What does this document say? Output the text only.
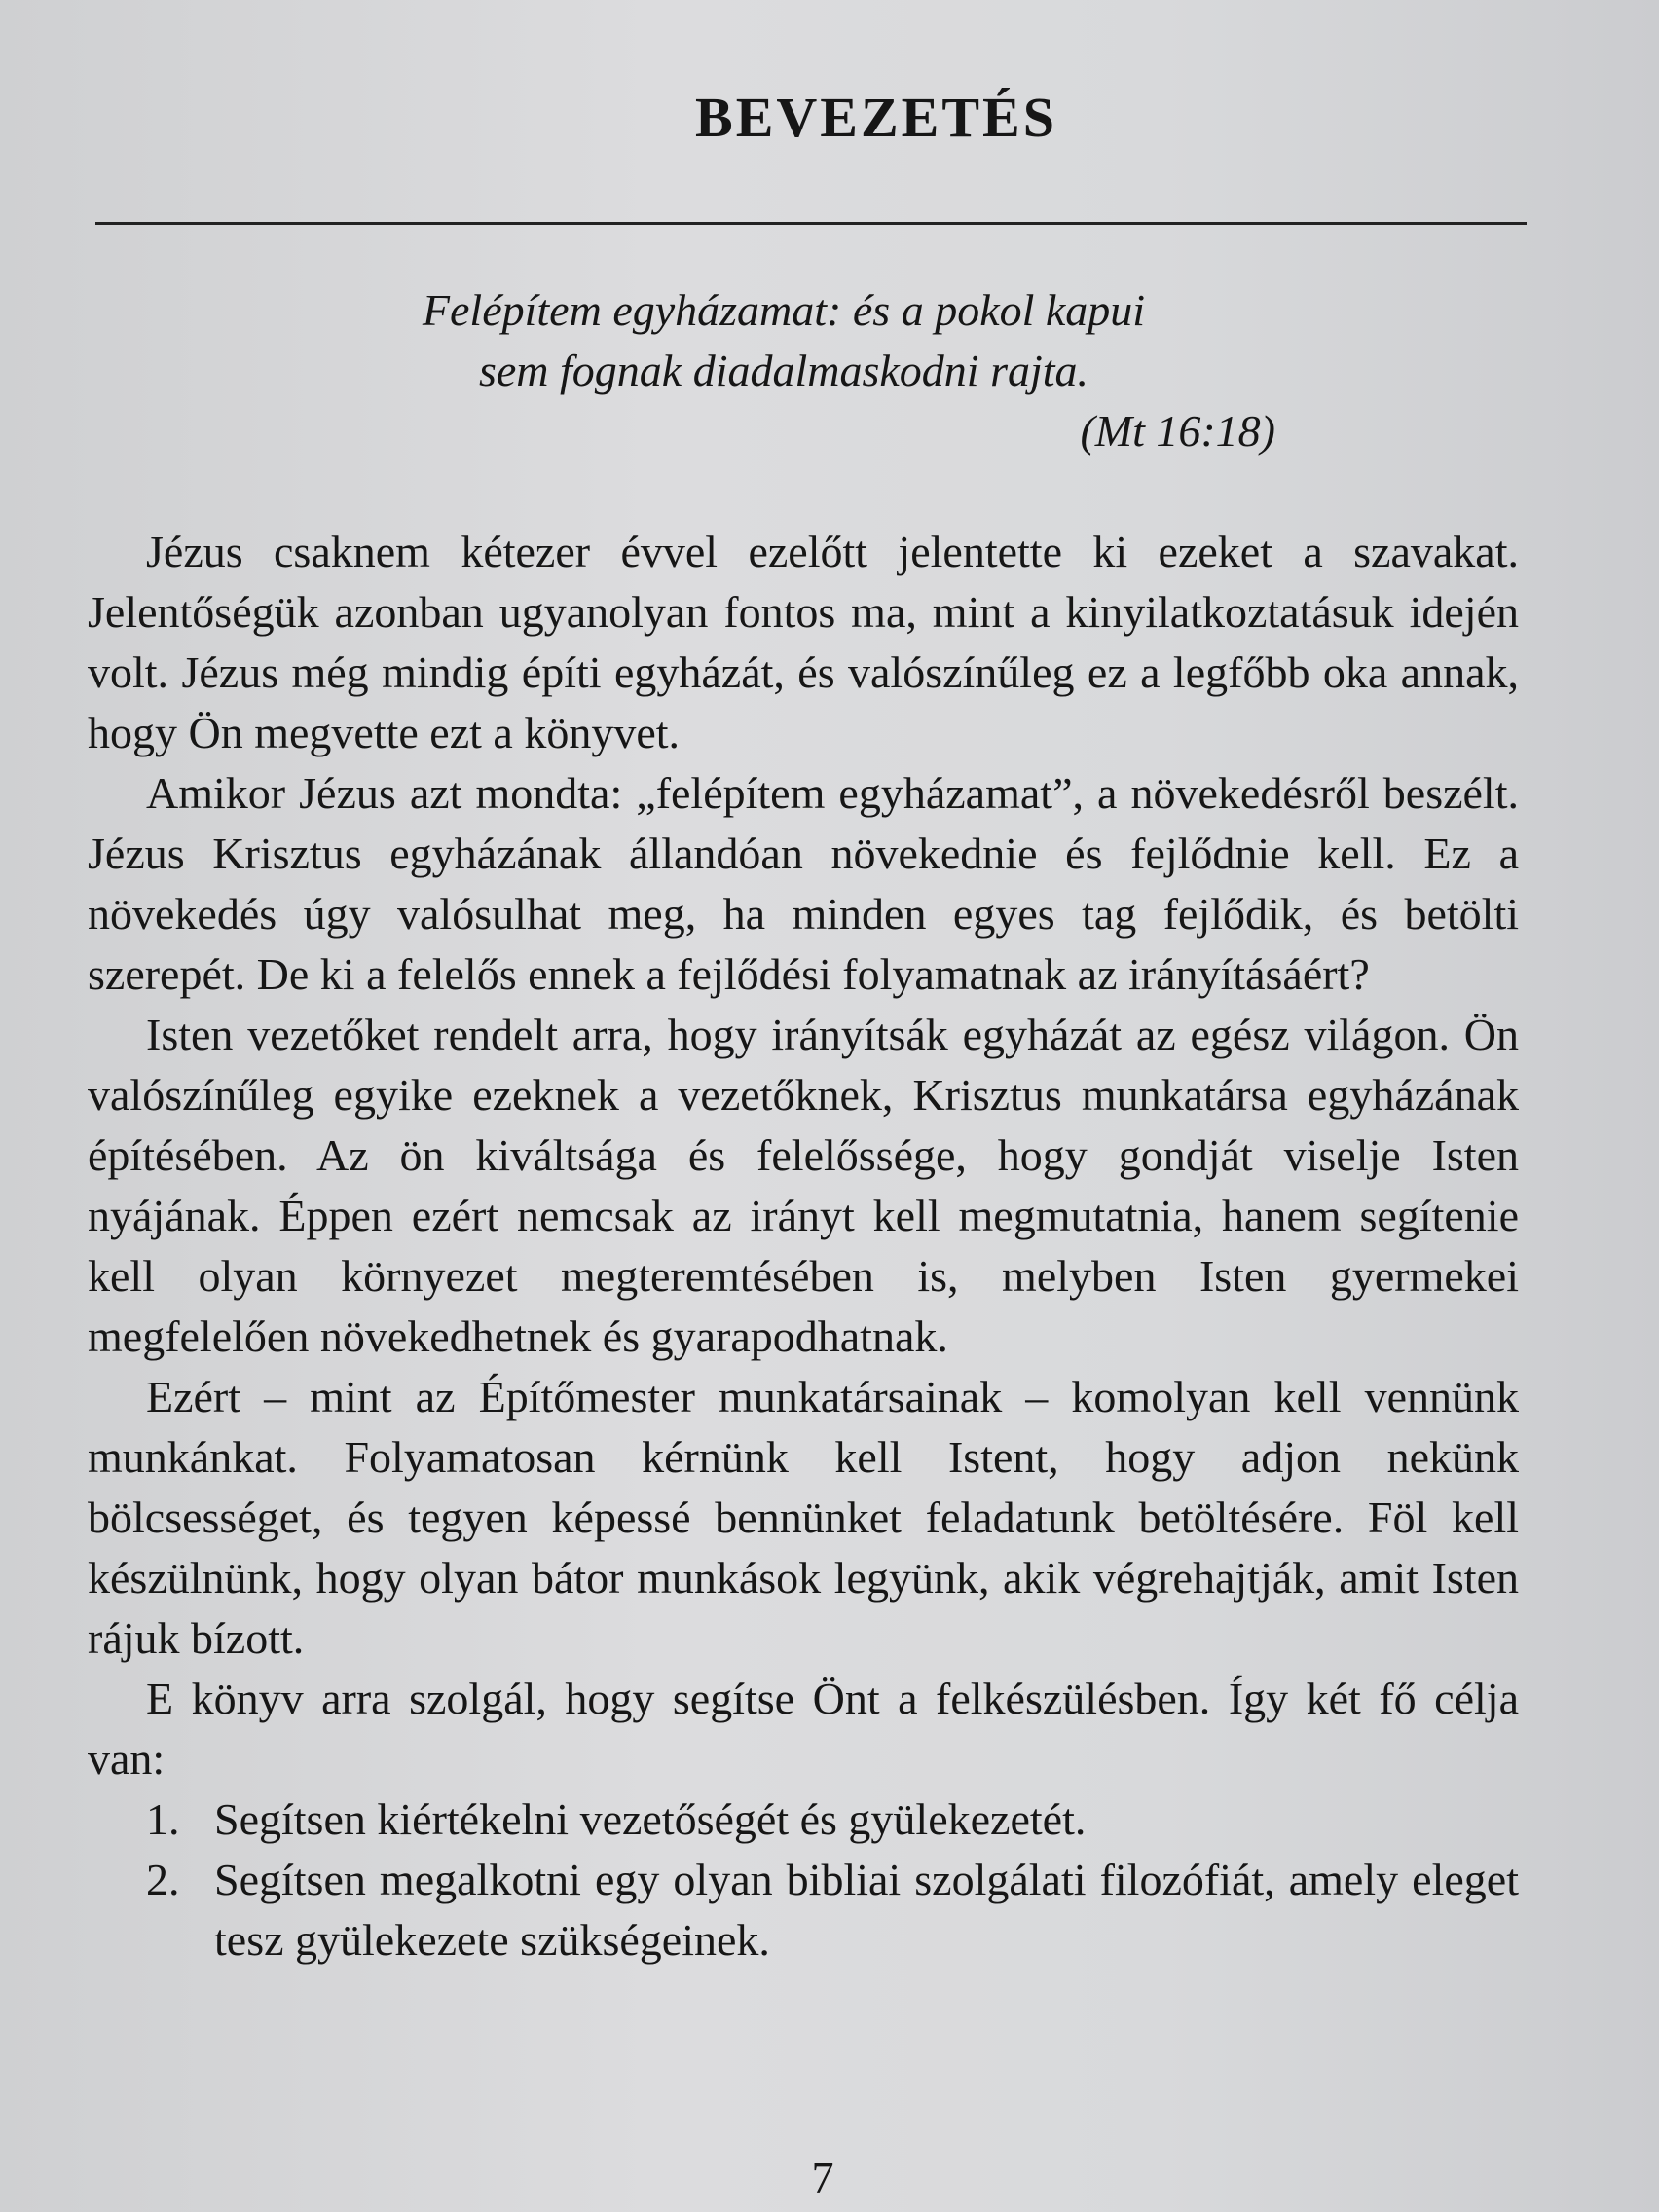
BEVEZETÉS
Felépítem egyházamat: és a pokol kapui
sem fognak diadalmaskodni rajta.
(Mt 16:18)

Jézus csaknem kétezer évvel ezelőtt jelentette ki ezeket a szavakat. Jelentőségük azonban ugyanolyan fontos ma, mint a kinyilatkoztatásuk idején volt. Jézus még mindig építi egyházát, és valószínűleg ez a legfőbb oka annak, hogy Ön megvette ezt a könyvet.

Amikor Jézus azt mondta: „felépítem egyházamat”, a növekedésről beszélt. Jézus Krisztus egyházának állandóan növekednie és fejlődnie kell. Ez a növekedés úgy valósulhat meg, ha minden egyes tag fejlődik, és betölti szerepét. De ki a felelős ennek a fejlődési folyamatnak az irányításáért?

Isten vezetőket rendelt arra, hogy irányítsák egyházát az egész világon. Ön valószínűleg egyike ezeknek a vezetőknek, Krisztus munkatársa egyházának építésében. Az ön kiváltsága és felelőssége, hogy gondját viselje Isten nyájának. Éppen ezért nemcsak az irányt kell megmutatnia, hanem segítenie kell olyan környezet megteremtésében is, melyben Isten gyermekei megfelelően növekedhetnek és gyarapodhatnak.

Ezért – mint az Építőmester munkatársainak – komolyan kell vennünk munkánkat. Folyamatosan kérnünk kell Istent, hogy adjon nekünk bölcsességet, és tegyen képessé bennünket feladatunk betöltésére. Föl kell készülnünk, hogy olyan bátor munkások legyünk, akik végrehajtják, amit Isten rájuk bízott.

E könyv arra szolgál, hogy segítse Önt a felkészülésben. Így két fő célja van:

1. Segítsen kiértékelni vezetőségét és gyülekezetét.
2. Segítsen megalkotni egy olyan bibliai szolgálati filozófiát, amely eleget tesz gyülekezete szükségeinek.
7
